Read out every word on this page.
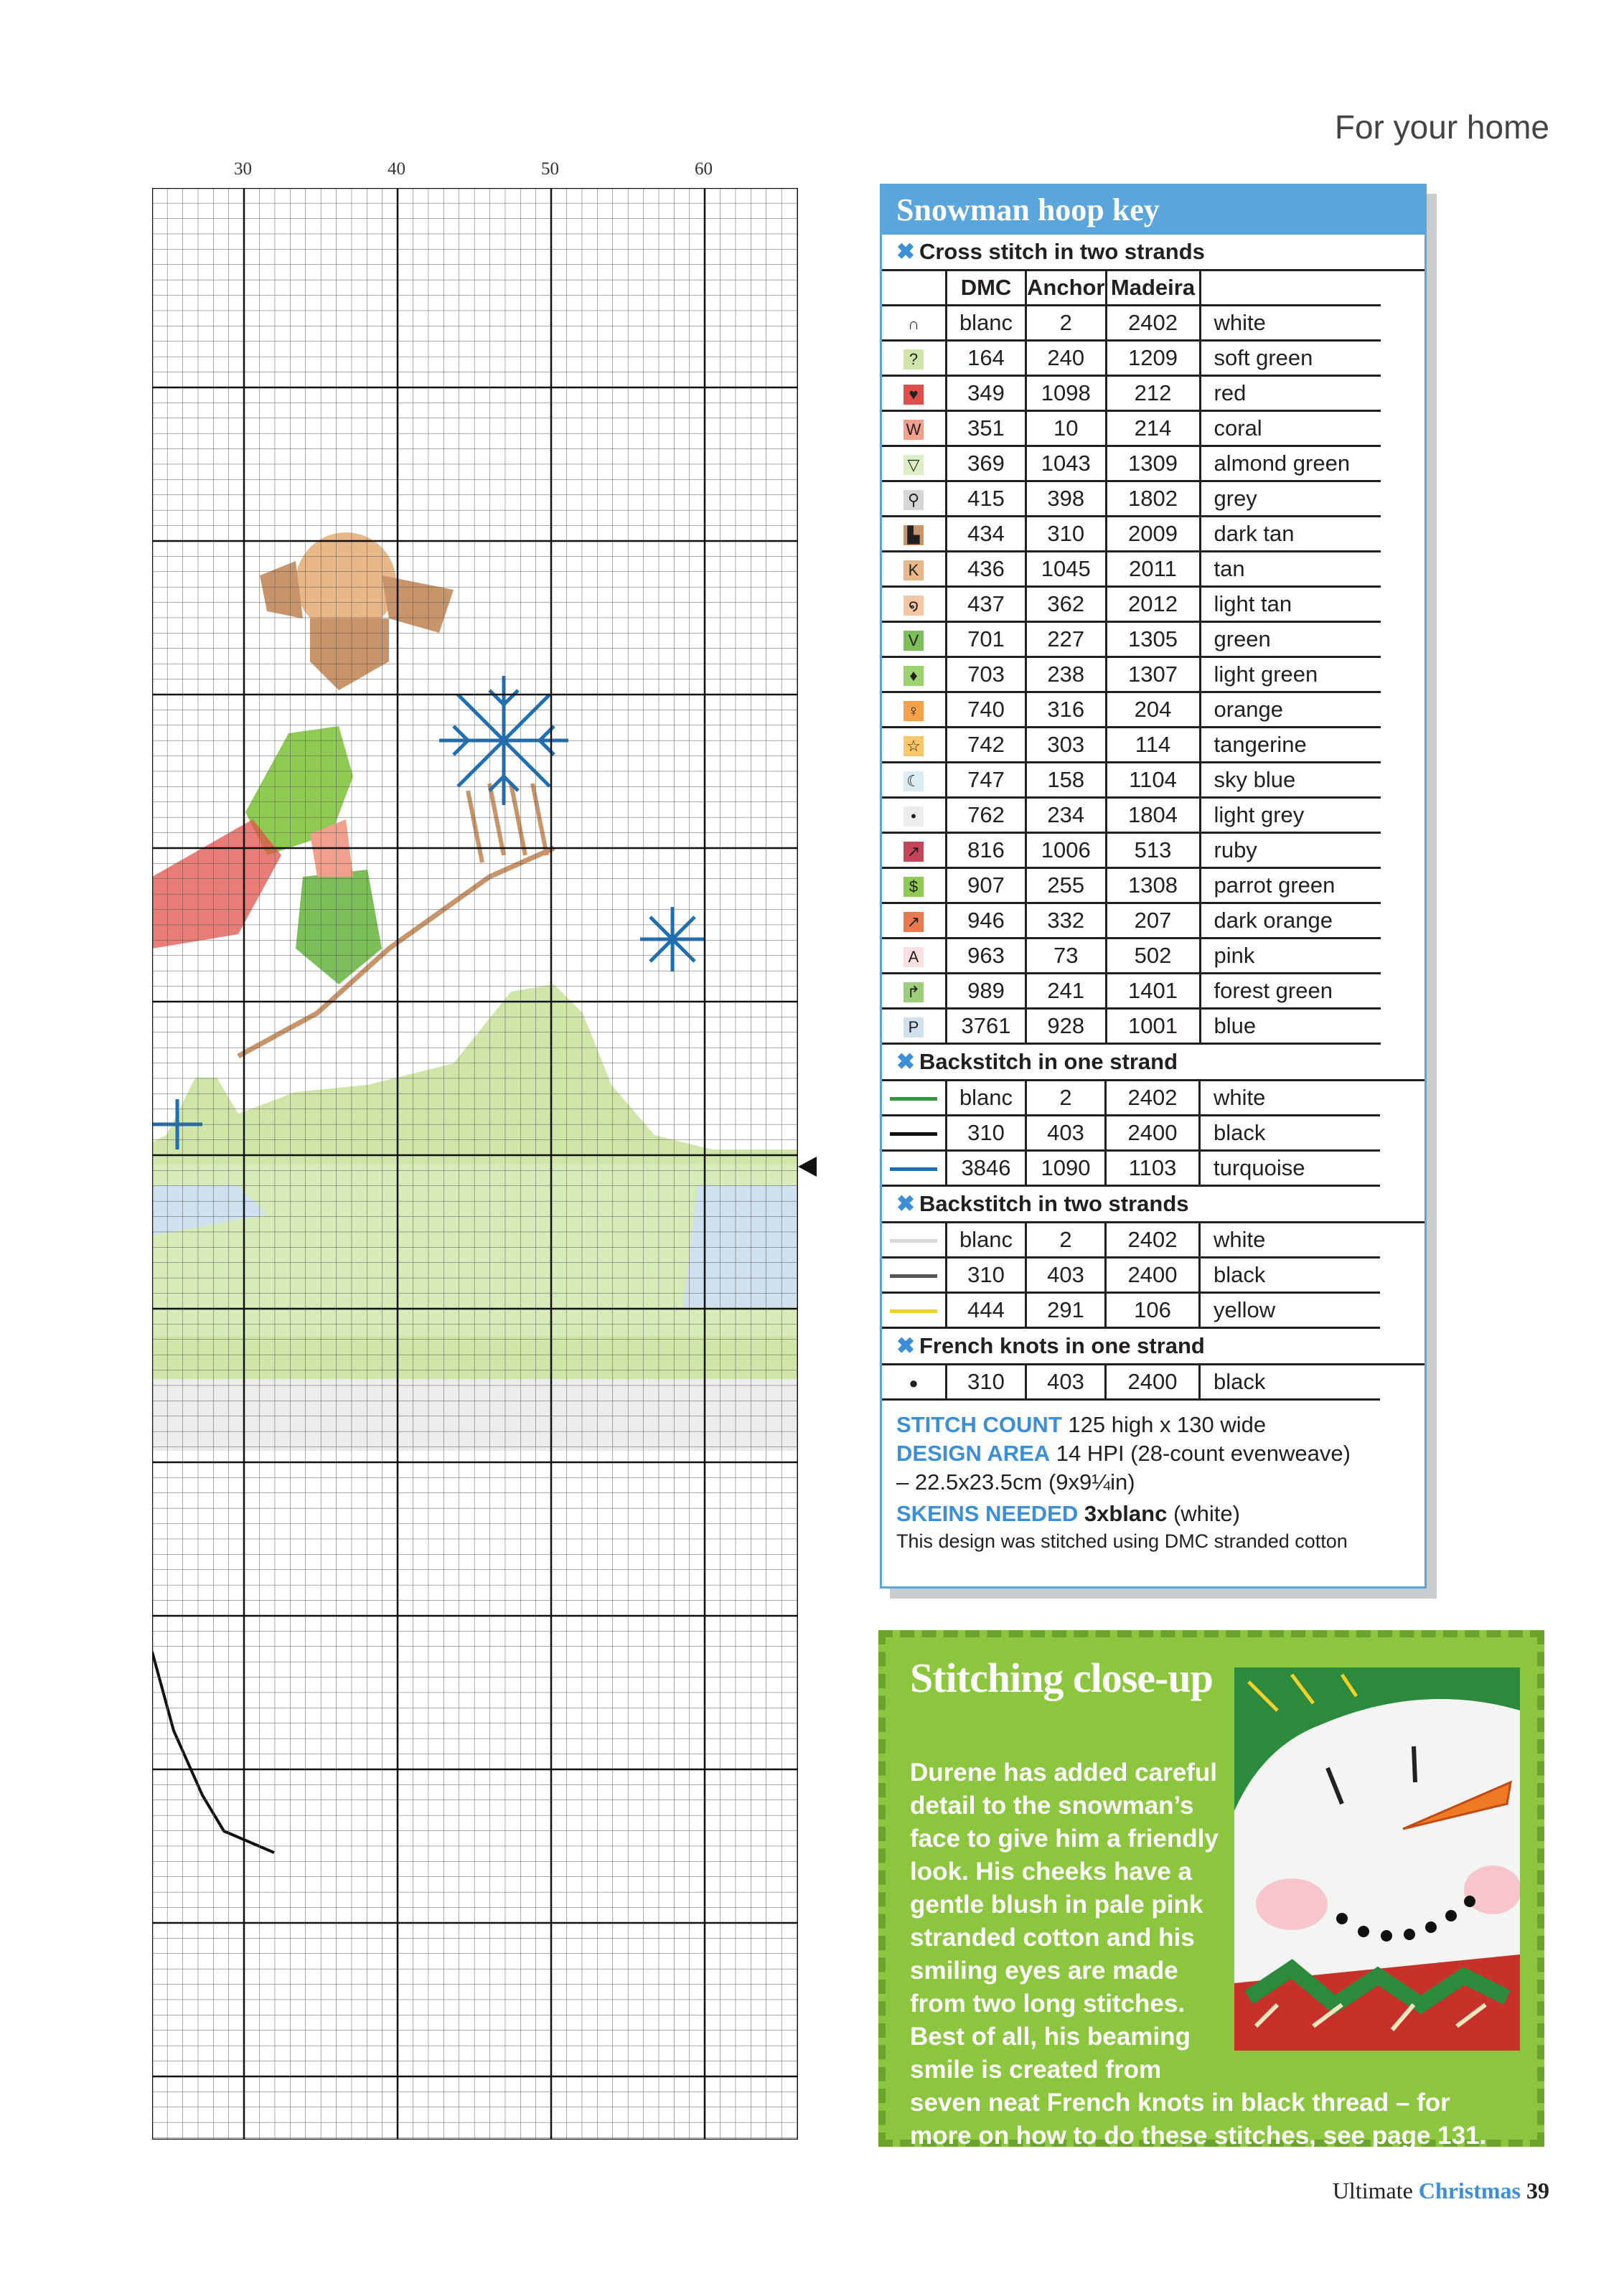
For your home
30	40	50	60
Snowman hoop key
✖ Cross stitch in two strands
	DMC	Anchor	Madeira	
∩	blanc	2	2402	white
?	164	240	1209	soft green
♥	349	1098	212	red
W	351	10	214	coral
▽	369	1043	1309	almond green
⚲	415	398	1802	grey
▙	434	310	2009	dark tan
K	436	1045	2011	tan
໑	437	362	2012	light tan
V	701	227	1305	green
♦	703	238	1307	light green
♀	740	316	204	orange
☆	742	303	114	tangerine
☾	747	158	1104	sky blue
•	762	234	1804	light grey
↗	816	1006	513	ruby
$	907	255	1308	parrot green
↗	946	332	207	dark orange
A	963	73	502	pink
↱	989	241	1401	forest green
P	3761	928	1001	blue
✖ Backstitch in one strand
	blanc	2	2402	white
	310	403	2400	black
	3846	1090	1103	turquoise
✖ Backstitch in two strands
	blanc	2	2402	white
	310	403	2400	black
	444	291	106	yellow
✖ French knots in one strand
●	310	403	2400	black
STITCH COUNT 125 high x 130 wide
DESIGN AREA 14 HPI (28-count evenweave)
– 22.5x23.5cm (9x9¼in)
SKEINS NEEDED 3xblanc (white)
This design was stitched using DMC stranded cotton
Stitching close-up
Durene has added careful
detail to the snowman’s
face to give him a friendly
look. His cheeks have a
gentle blush in pale pink
stranded cotton and his
smiling eyes are made
from two long stitches.
Best of all, his beaming
smile is created from
seven neat French knots in black thread – for
more on how to do these stitches, see page 131.
Ultimate Christmas 39
